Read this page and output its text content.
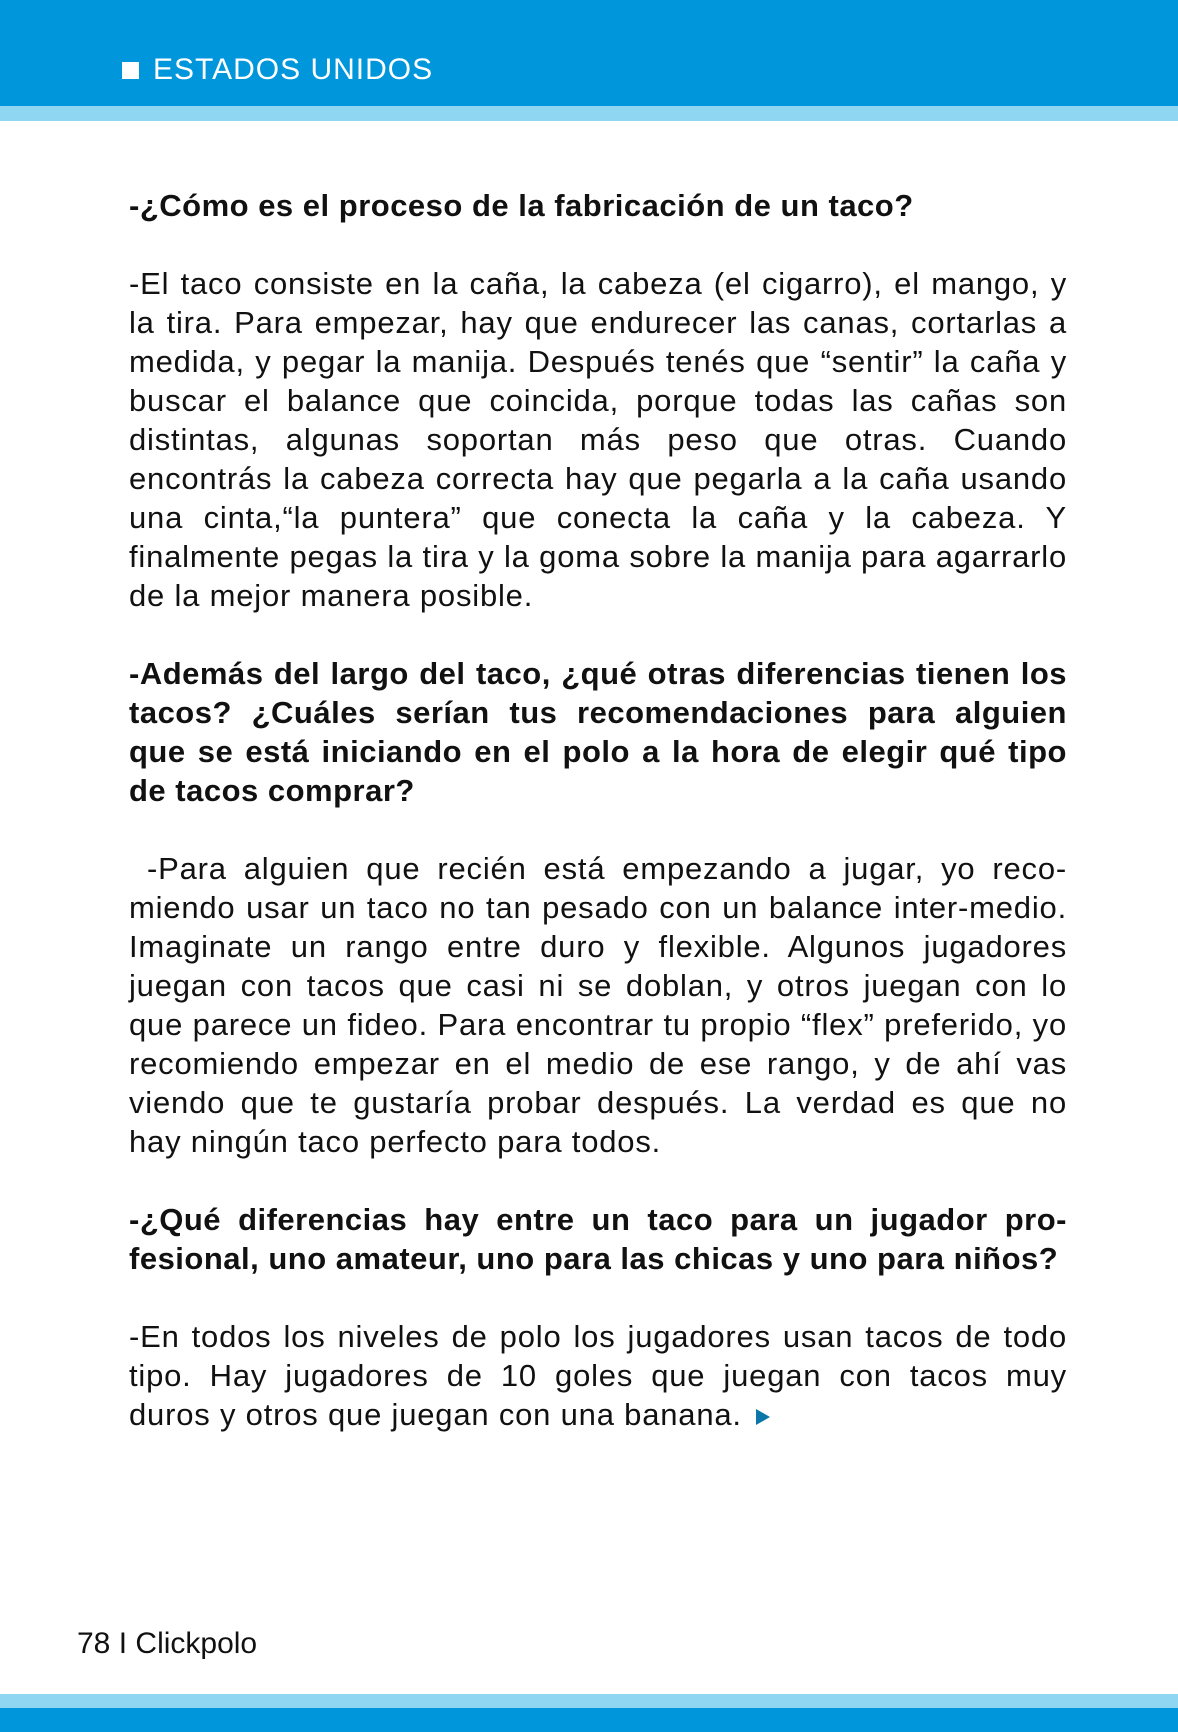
ESTADOS UNIDOS

-¿Cómo es el proceso de la fabricación de un taco?

-El taco consiste en la caña, la cabeza (el cigarro), el mango, y la tira. Para empezar, hay que endurecer las canas, cortarlas a medida, y pegar la manija. Después tenés que “sentir” la caña y buscar el balance que coincida, porque todas las cañas son distintas, algunas soportan más peso que otras. Cuando encontrás la cabeza correcta hay que pegarla a la caña usando una cinta,“la puntera” que conecta la caña y la cabeza. Y finalmente pegas la tira y la goma sobre la manija para agarrarlo de la mejor manera posible.

-Además del largo del taco, ¿qué otras diferencias tienen los tacos? ¿Cuáles serían tus recomendaciones para alguien que se está iniciando en el polo a la hora de elegir qué tipo de tacos comprar?

-Para alguien que recién está empezando a jugar, yo reco-miendo usar un taco no tan pesado con un balance inter-medio. Imaginate un rango entre duro y flexible. Algunos jugadores juegan con tacos que casi ni se doblan, y otros juegan con lo que parece un fideo. Para encontrar tu propio “flex” preferido, yo recomiendo empezar en el medio de ese rango, y de ahí vas viendo que te gustaría probar después. La verdad es que no hay ningún taco perfecto para todos.

-¿Qué diferencias hay entre un taco para un jugador pro-fesional, uno amateur, uno para las chicas y uno para niños?

-En todos los niveles de polo los jugadores usan tacos de todo tipo. Hay jugadores de 10 goles que juegan con tacos muy duros y otros que juegan con una banana.

78 I Clickpolo
